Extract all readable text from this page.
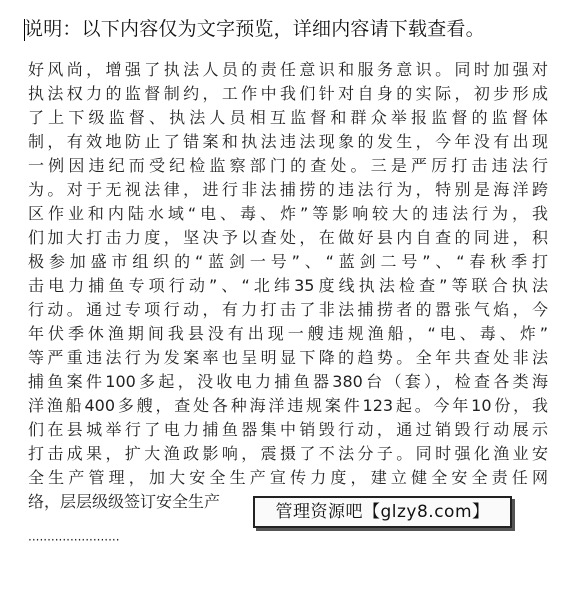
说明：以下内容仅为文字预览，详细内容请下载查看。
好风尚，增强了执法人员的责任意识和服务意识。同时加强对
执法权力的监督制约，工作中我们针对自身的实际，初步形成
了上下级监督、执法人员相互监督和群众举报监督的监督体
制，有效地防止了错案和执法违法现象的发生，今年没有出现
一例因违纪而受纪检监察部门的查处。三是严厉打击违法行
为。对于无视法律，进行非法捕捞的违法行为，特别是海洋跨
区作业和内陆水域“电、毒、炸”等影响较大的违法行为，我
们加大打击力度，坚决予以查处，在做好县内自查的同进，积
极参加盛市组织的“蓝剑一号”、“蓝剑二号”、“春秋季打
击电力捕鱼专项行动”、“北纬35度线执法检查”等联合执法
行动。通过专项行动，有力打击了非法捕捞者的嚣张气焰，今
年伏季休渔期间我县没有出现一艘违规渔船，“电、毒、炸”
等严重违法行为发案率也呈明显下降的趋势。全年共查处非法
捕鱼案件100多起，没收电力捕鱼器380台（套），检查各类海
洋渔船400多艘，查处各种海洋违规案件123起。今年10份，我
们在县城举行了电力捕鱼器集中销毁行动，通过销毁行动展示
打击成果，扩大渔政影响，震摄了不法分子。同时强化渔业安
全生产管理，加大安全生产宣传力度，建立健全安全责任网
络，层层级级签订安全生产
管理资源吧【glzy8.com】
························
